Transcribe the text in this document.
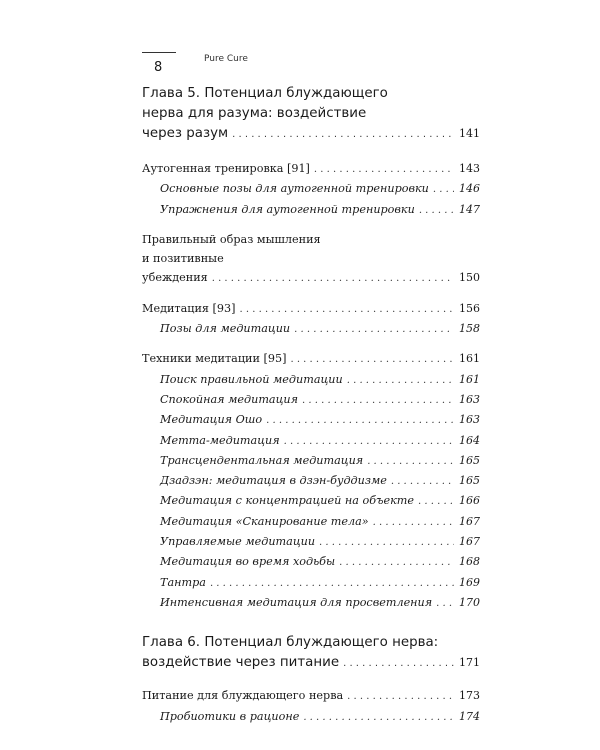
8
Pure Cure
Глава 5. Потенциал блуждающего
нерва для разума: воздействие
через разум . . .	141
Аутогенная тренировка [91] . . .	143
Основные позы для аутогенной тренировки . . .	146
Упражнения для аутогенной тренировки . . .	147
Правильный образ мышления
и позитивные
убеждения . . .	150
Медитация [93] . . .	156
Позы для медитации . . .	158
Техники медитации [95] . . .	161
Поиск правильной медитации . . .	161
Спокойная медитация . . .	163
Медитация Ошо . . .	163
Метта-медитация . . .	164
Трансцендентальная медитация . . .	165
Дзадзэн: медитация в дзэн-буддизме . . .	165
Медитация с концентрацией на объекте . . .	166
Медитация «Сканирование тела» . . .	167
Управляемые медитации . . .	167
Медитация во время ходьбы . . .	168
Тантра . . .	169
Интенсивная медитация для просветления . . . 170
Глава 6. Потенциал блуждающего нерва:
воздействие через питание . . .	171
Питание для блуждающего нерва . . .	173
Пробиотики в рационе . . .	174
